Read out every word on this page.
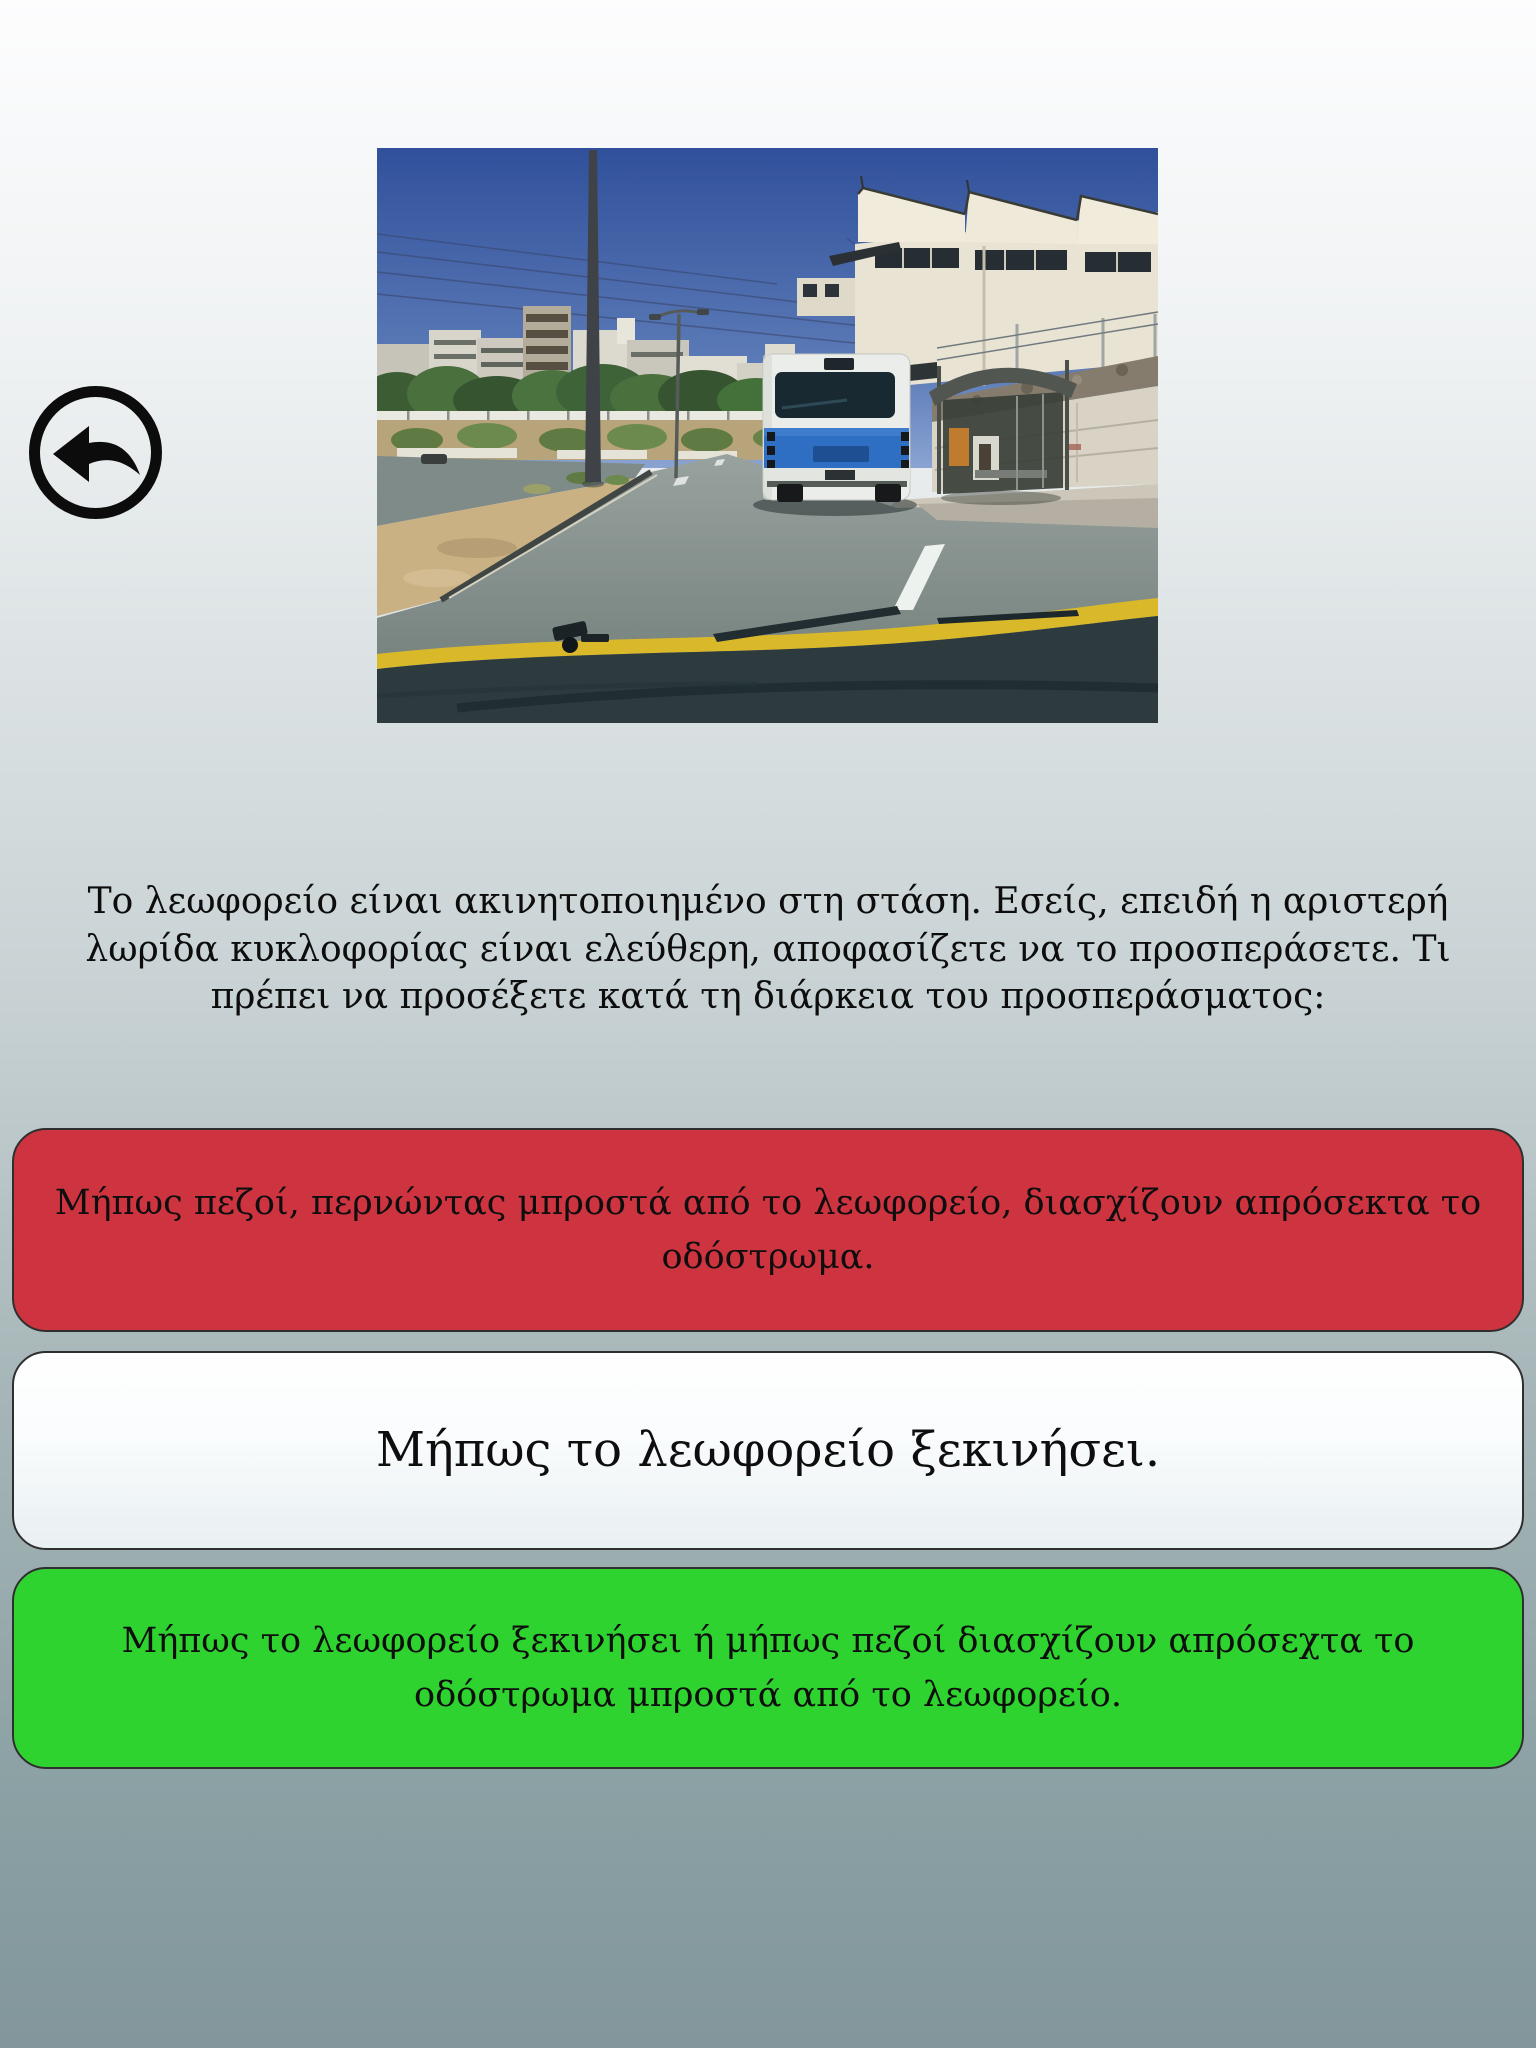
Το λεωφορείο είναι ακινητοποιημένο στη στάση. Εσείς, επειδή η αριστερή λωρίδα κυκλοφορίας είναι ελεύθερη, αποφασίζετε να το προσπεράσετε. Τι πρέπει να προσέξετε κατά τη διάρκεια του προσπεράσματος:

Μήπως πεζοί, περνώντας μπροστά από το λεωφορείο, διασχίζουν απρόσεκτα το οδόστρωμα.
Μήπως το λεωφορείο ξεκινήσει.
Μήπως το λεωφορείο ξεκινήσει ή μήπως πεζοί διασχίζουν απρόσεχτα το οδόστρωμα μπροστά από το λεωφορείο.
